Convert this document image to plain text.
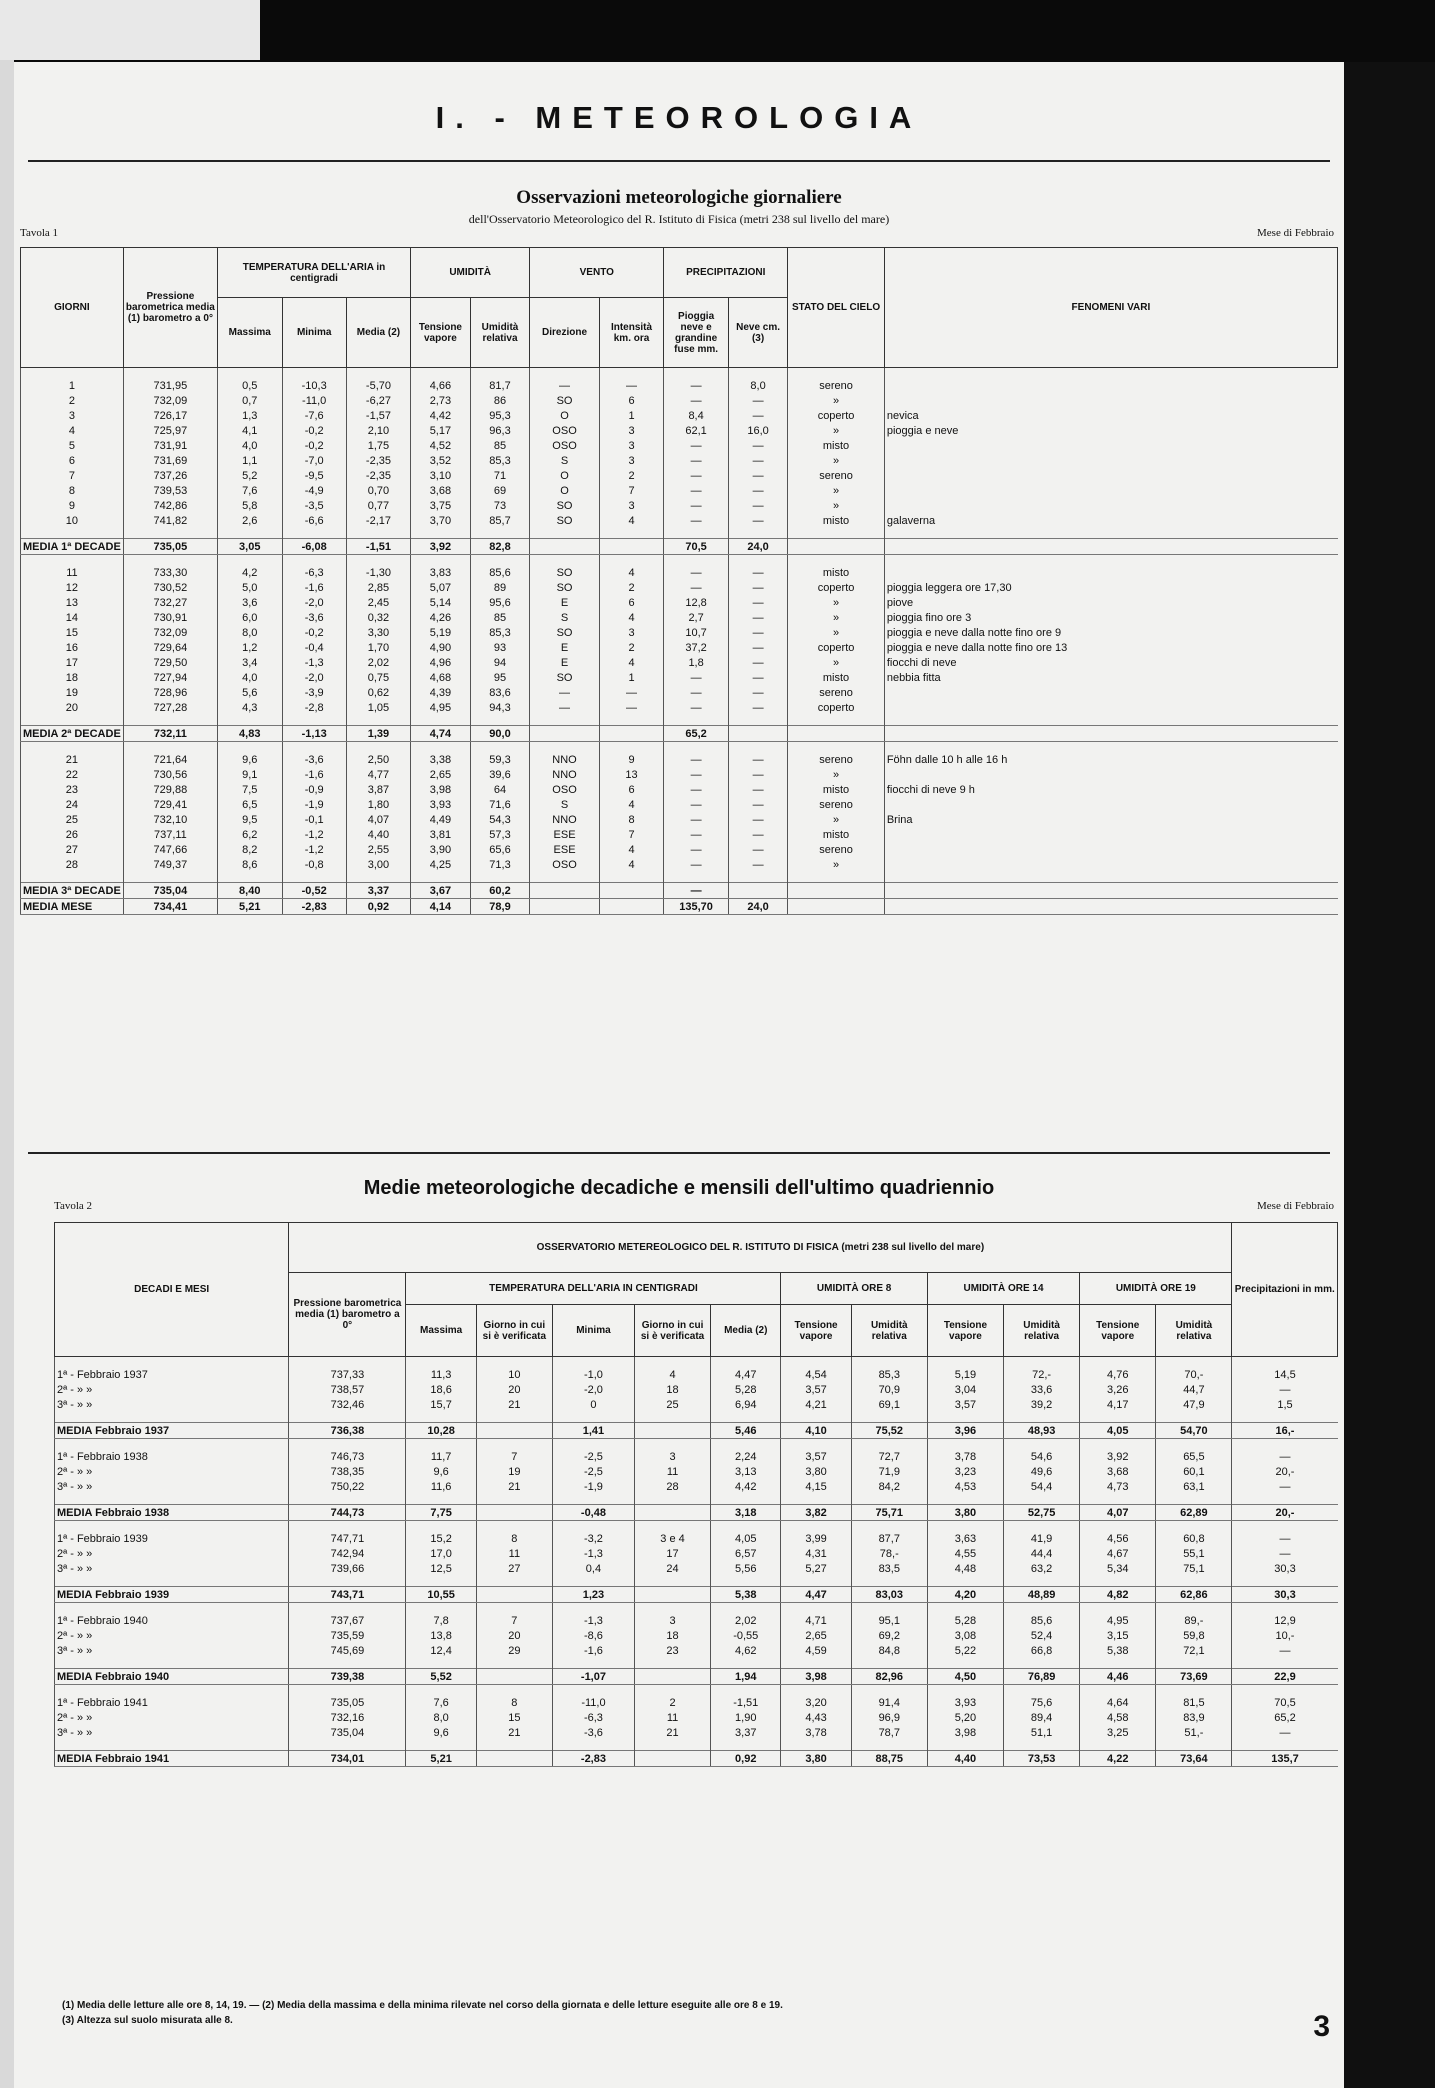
I. - METEOROLOGIA
Osservazioni meteorologiche giornaliere
dell'Osservatorio Meteorologico del R. Istituto di Fisica (metri 238 sul livello del mare)
Tavola 1	Mese di Febbraio
GIORNI	Pressione barometrica media (1) barometro a 0°	TEMPERATURA DELL'ARIA in centigradi			UMIDITÀ		VENTO		PRECIPITAZIONI		STATO DEL CIELO	FENOMENI VARI
		Massima	Minima	Media (2)	Tensione vapore	Umidità relativa	Direzione	Intensità km. ora	Pioggia neve e grandine fuse mm.	Neve cm. (3)		

1	731,95	0,5	-10,3	-5,70	4,66	81,7	—	—	—	8,0	sereno	
2	732,09	0,7	-11,0	-6,27	2,73	86	SO	6	—	—	»	
3	726,17	1,3	-7,6	-1,57	4,42	95,3	O	1	8,4	—	coperto	nevica
4	725,97	4,1	-0,2	2,10	5,17	96,3	OSO	3	62,1	16,0	»	pioggia e neve
5	731,91	4,0	-0,2	1,75	4,52	85	OSO	3	—	—	misto	
6	731,69	1,1	-7,0	-2,35	3,52	85,3	S	3	—	—	»	
7	737,26	5,2	-9,5	-2,35	3,10	71	O	2	—	—	sereno	
8	739,53	7,6	-4,9	0,70	3,68	69	O	7	—	—	»	
9	742,86	5,8	-3,5	0,77	3,75	73	SO	3	—	—	»	
10	741,82	2,6	-6,6	-2,17	3,70	85,7	SO	4	—	—	misto	galaverna

MEDIA 1ª DECADE	735,05	3,05	-6,08	-1,51	3,92	82,8			70,5	24,0		

11	733,30	4,2	-6,3	-1,30	3,83	85,6	SO	4	—	—	misto	
12	730,52	5,0	-1,6	2,85	5,07	89	SO	2	—	—	coperto	pioggia leggera ore 17,30
13	732,27	3,6	-2,0	2,45	5,14	95,6	E	6	12,8	—	»	piove
14	730,91	6,0	-3,6	0,32	4,26	85	S	4	2,7	—	»	pioggia fino ore 3
15	732,09	8,0	-0,2	3,30	5,19	85,3	SO	3	10,7	—	»	pioggia e neve dalla notte fino ore 9
16	729,64	1,2	-0,4	1,70	4,90	93	E	2	37,2	—	coperto	pioggia e neve dalla notte fino ore 13
17	729,50	3,4	-1,3	2,02	4,96	94	E	4	1,8	—	»	fiocchi di neve
18	727,94	4,0	-2,0	0,75	4,68	95	SO	1	—	—	misto	nebbia fitta
19	728,96	5,6	-3,9	0,62	4,39	83,6	—	—	—	—	sereno	
20	727,28	4,3	-2,8	1,05	4,95	94,3	—	—	—	—	coperto	

MEDIA 2ª DECADE	732,11	4,83	-1,13	1,39	4,74	90,0			65,2			

21	721,64	9,6	-3,6	2,50	3,38	59,3	NNO	9	—	—	sereno	Föhn dalle 10 h alle 16 h
22	730,56	9,1	-1,6	4,77	2,65	39,6	NNO	13	—	—	»	
23	729,88	7,5	-0,9	3,87	3,98	64	OSO	6	—	—	misto	fiocchi di neve 9 h
24	729,41	6,5	-1,9	1,80	3,93	71,6	S	4	—	—	sereno	
25	732,10	9,5	-0,1	4,07	4,49	54,3	NNO	8	—	—	»	Brina
26	737,11	6,2	-1,2	4,40	3,81	57,3	ESE	7	—	—	misto	
27	747,66	8,2	-1,2	2,55	3,90	65,6	ESE	4	—	—	sereno	
28	749,37	8,6	-0,8	3,00	4,25	71,3	OSO	4	—	—	»	

MEDIA 3ª DECADE	735,04	8,40	-0,52	3,37	3,67	60,2			—			
MEDIA MESE	734,41	5,21	-2,83	0,92	4,14	78,9			135,70	24,0		
Medie meteorologiche decadiche e mensili dell'ultimo quadriennio
Tavola 2	Mese di Febbraio
DECADI E MESI	OSSERVATORIO METEREOLOGICO DEL R. ISTITUTO DI FISICA (metri 238 sul livello del mare)												Precipitazioni in mm.
	Pressione barometrica media (1) barometro a 0°	TEMPERATURA DELL'ARIA IN CENTIGRADI					UMIDITÀ ORE 8		UMIDITÀ ORE 14		UMIDITÀ ORE 19		
		Massima	Giorno in cui si è verificata	Minima	Giorno in cui si è verificata	Media (2)	Tensione vapore	Umidità relativa	Tensione vapore	Umidità relativa	Tensione vapore	Umidità relativa	

1ª - Febbraio 1937	737,33	11,3	10	-1,0	4	4,47	4,54	85,3	5,19	72,-	4,76	70,-	14,5
2ª - » »	738,57	18,6	20	-2,0	18	5,28	3,57	70,9	3,04	33,6	3,26	44,7	—
3ª - » »	732,46	15,7	21	0	25	6,94	4,21	69,1	3,57	39,2	4,17	47,9	1,5

MEDIA Febbraio 1937	736,38	10,28		1,41		5,46	4,10	75,52	3,96	48,93	4,05	54,70	16,-

1ª - Febbraio 1938	746,73	11,7	7	-2,5	3	2,24	3,57	72,7	3,78	54,6	3,92	65,5	—
2ª - » »	738,35	9,6	19	-2,5	11	3,13	3,80	71,9	3,23	49,6	3,68	60,1	20,-
3ª - » »	750,22	11,6	21	-1,9	28	4,42	4,15	84,2	4,53	54,4	4,73	63,1	—

MEDIA Febbraio 1938	744,73	7,75		-0,48		3,18	3,82	75,71	3,80	52,75	4,07	62,89	20,-

1ª - Febbraio 1939	747,71	15,2	8	-3,2	3 e 4	4,05	3,99	87,7	3,63	41,9	4,56	60,8	—
2ª - » »	742,94	17,0	11	-1,3	17	6,57	4,31	78,-	4,55	44,4	4,67	55,1	—
3ª - » »	739,66	12,5	27	0,4	24	5,56	5,27	83,5	4,48	63,2	5,34	75,1	30,3

MEDIA Febbraio 1939	743,71	10,55		1,23		5,38	4,47	83,03	4,20	48,89	4,82	62,86	30,3

1ª - Febbraio 1940	737,67	7,8	7	-1,3	3	2,02	4,71	95,1	5,28	85,6	4,95	89,-	12,9
2ª - » »	735,59	13,8	20	-8,6	18	-0,55	2,65	69,2	3,08	52,4	3,15	59,8	10,-
3ª - » »	745,69	12,4	29	-1,6	23	4,62	4,59	84,8	5,22	66,8	5,38	72,1	—

MEDIA Febbraio 1940	739,38	5,52		-1,07		1,94	3,98	82,96	4,50	76,89	4,46	73,69	22,9

1ª - Febbraio 1941	735,05	7,6	8	-11,0	2	-1,51	3,20	91,4	3,93	75,6	4,64	81,5	70,5
2ª - » »	732,16	8,0	15	-6,3	11	1,90	4,43	96,9	5,20	89,4	4,58	83,9	65,2
3ª - » »	735,04	9,6	21	-3,6	21	3,37	3,78	78,7	3,98	51,1	3,25	51,-	—

MEDIA Febbraio 1941	734,01	5,21		-2,83		0,92	3,80	88,75	4,40	73,53	4,22	73,64	135,7
(1) Media delle letture alle ore 8, 14, 19. — (2) Media della massima e della minima rilevate nel corso della giornata e delle letture eseguite alle ore 8 e 19.
(3) Altezza sul suolo misurata alle 8.	3
